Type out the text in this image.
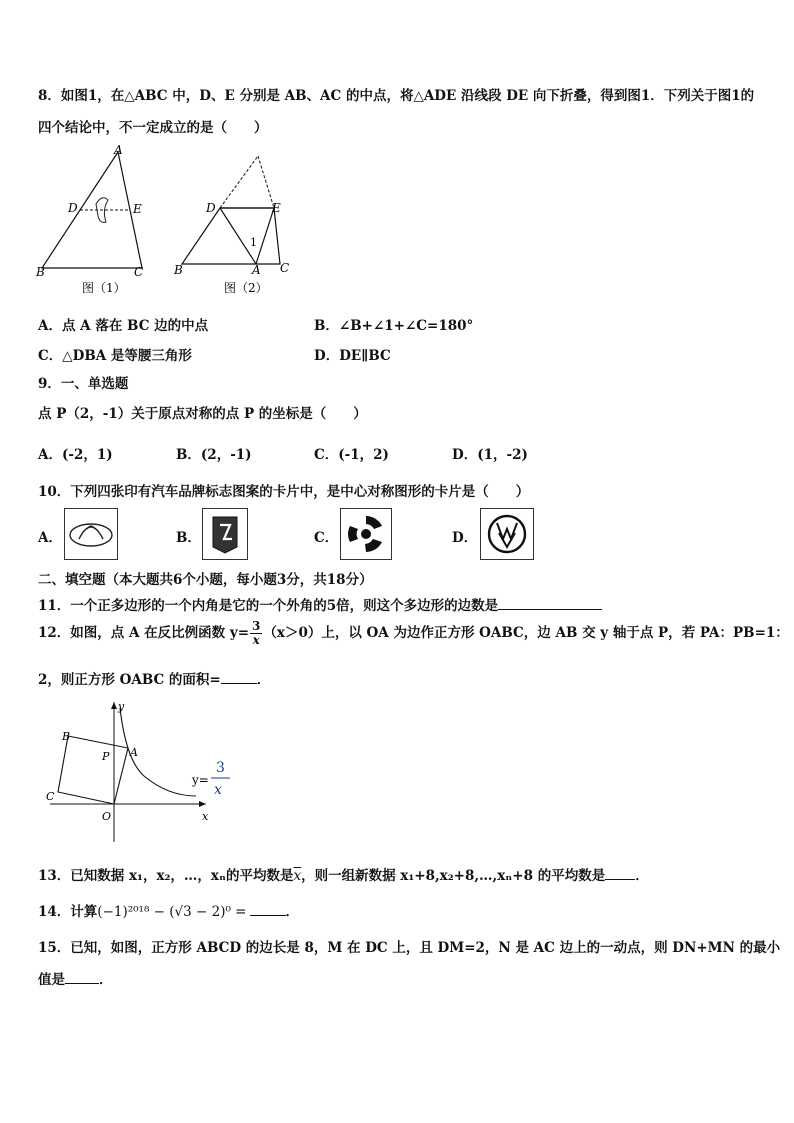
8．如图1，在△ABC 中，D、E 分别是 AB、AC 的中点，将△ADE 沿线段 DE 向下折叠，得到图1．下列关于图1的
四个结论中，不一定成立的是（　　）
A
D	E
B	C
图（1）
D	E
1
B	A C
图（2）
A．点 A 落在 BC 边的中点	B．∠B+∠1+∠C=180°
C．△DBA 是等腰三角形	D．DE∥BC
9．一、单选题
点 P（2，-1）关于原点对称的点 P 的坐标是（　　）
A．(-2，1)	B．(2，-1)	C．(-1，2)	D．(1，-2)
10．下列四张印有汽车品牌标志图案的卡片中，是中心对称图形的卡片是（　　）
A．	B．	C．	D．
二、填空题（本大题共6个小题，每小题3分，共18分）
11．一个正多边形的一个内角是它的一个外角的5倍，则这个多边形的边数是
12．如图，点 A 在反比例函数 $y= \frac{3}{x} (x>0)$上，以 OA 为边作正方形 OABC，边 AB 交 y 轴于点 P，若 PA：PB=1：
2，则正方形 OABC 的面积=	．
y
x
O
B
A
P
C
y=
3
x
13．已知数据 x₁，x₂，…，xₙ的平均数是$\overline{x}$，则一组新数据 x₁+8,x₂+8,…,xₙ+8 的平均数是 ．
14．计算(−1)²⁰¹⁸ − (√3 − 2)⁰ =	．
15．已知，如图，正方形 ABCD 的边长是 8，M 在 DC 上，且 DM=2，N 是 AC 边上的一动点，则 DN+MN 的最小
值是	．
